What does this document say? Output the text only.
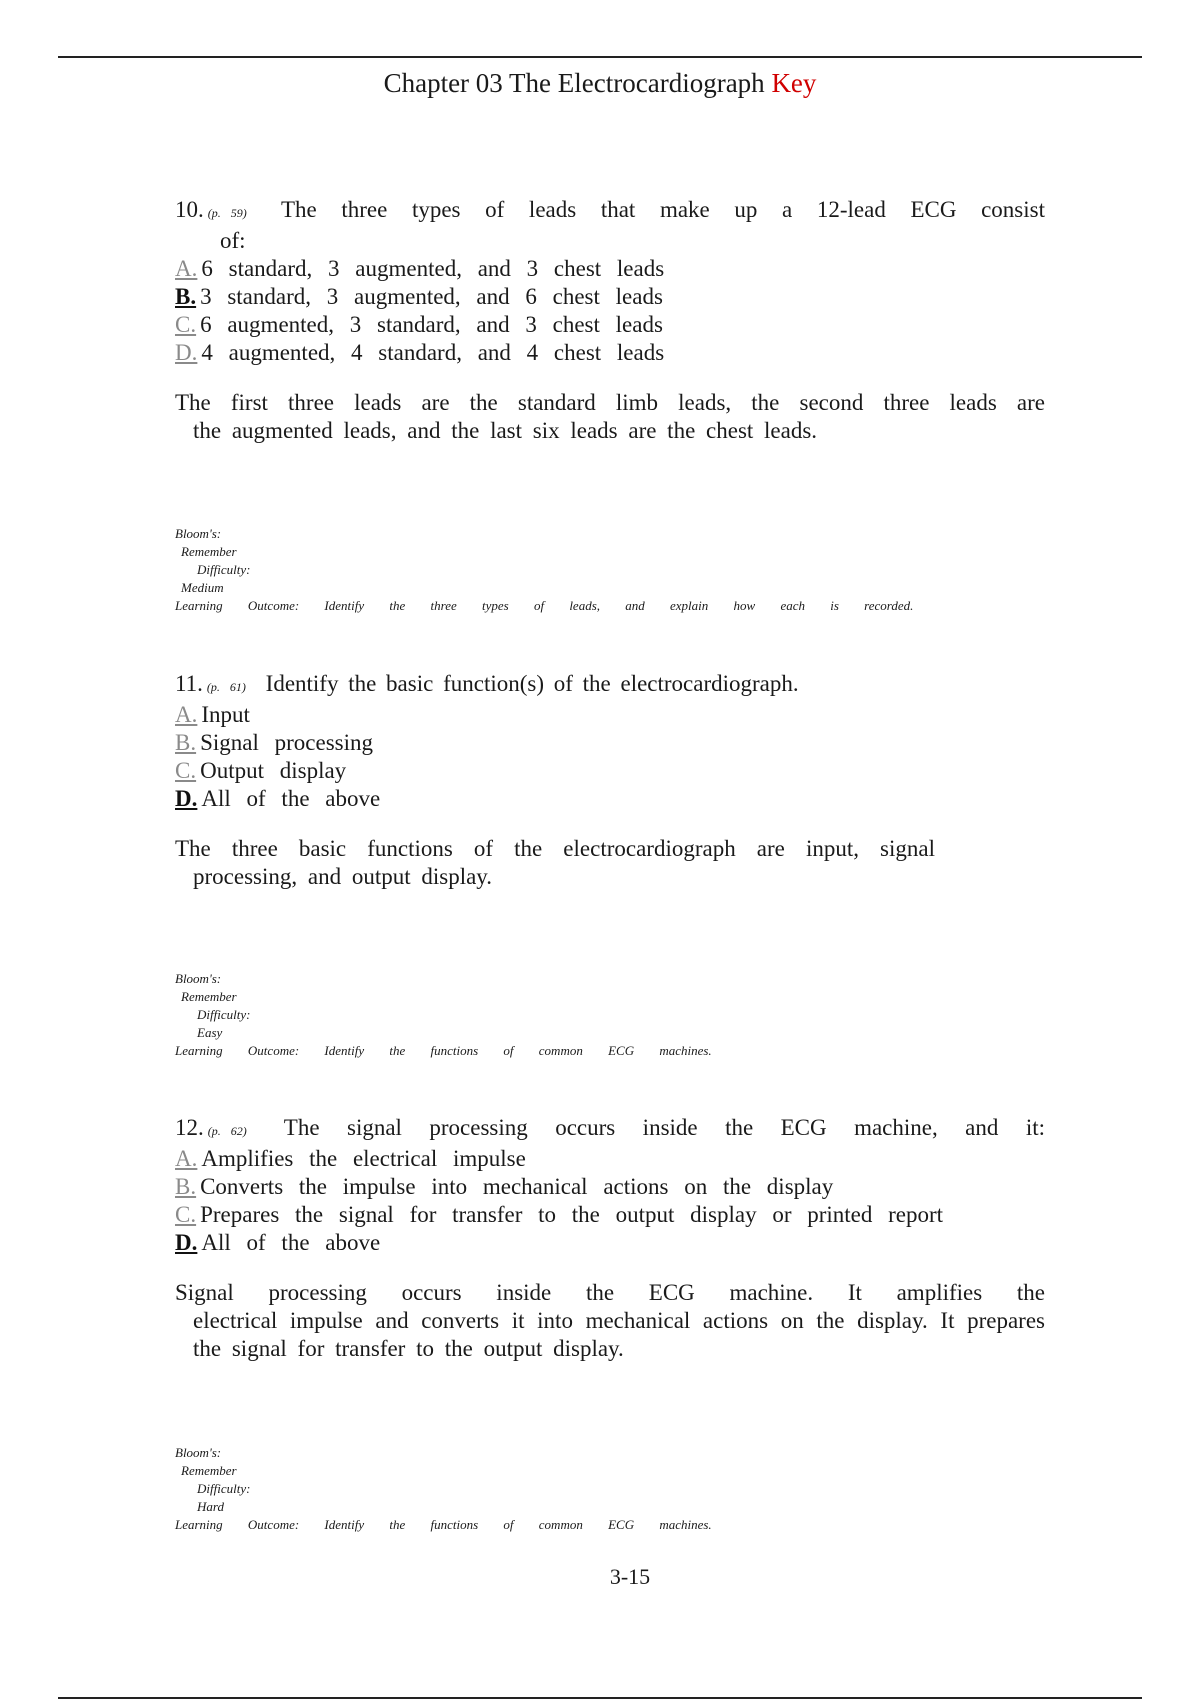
Chapter 03 The Electrocardiograph Key
10. (p. 59) The three types of leads that make up a 12-lead ECG consist
of:
A. 6 standard, 3 augmented, and 3 chest leads
B. 3 standard, 3 augmented, and 6 chest leads
C. 6 augmented, 3 standard, and 3 chest leads
D. 4 augmented, 4 standard, and 4 chest leads
The first three leads are the standard limb leads, the second three leads are
the augmented leads, and the last six leads are the chest leads.
Bloom's:
Remember
Difficulty:
Medium
Learning Outcome: Identify the three types of leads, and explain how each is recorded.
11. (p. 61) Identify the basic function(s) of the electrocardiograph.
A. Input
B. Signal processing
C. Output display
D. All of the above
The three basic functions of the electrocardiograph are input, signal
processing, and output display.
Bloom's:
Remember
Difficulty:
Easy
Learning Outcome: Identify the functions of common ECG machines.
12. (p. 62) The signal processing occurs inside the ECG machine, and it:
A. Amplifies the electrical impulse
B. Converts the impulse into mechanical actions on the display
C. Prepares the signal for transfer to the output display or printed report
D. All of the above
Signal processing occurs inside the ECG machine. It amplifies the
electrical impulse and converts it into mechanical actions on the display. It prepares the signal for transfer to the output display.
Bloom's:
Remember
Difficulty:
Hard
Learning Outcome: Identify the functions of common ECG machines.
3-15
